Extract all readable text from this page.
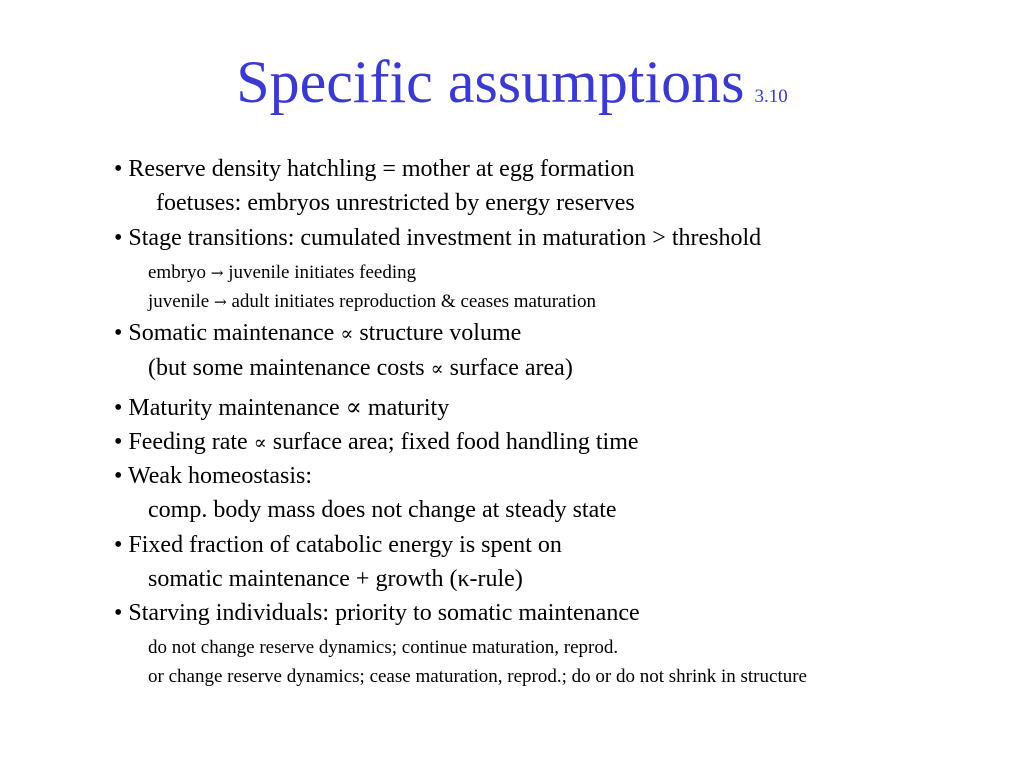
Specific assumptions 3.10
• Reserve density hatchling = mother at egg formation
foetuses: embryos unrestricted by energy reserves
• Stage transitions: cumulated investment in maturation > threshold
embryo → juvenile initiates feeding
juvenile → adult initiates reproduction & ceases maturation
• Somatic maintenance ∝ structure volume
(but some maintenance costs ∝ surface area)
• Maturity maintenance ∝ maturity
• Feeding rate ∝ surface area; fixed food handling time
• Weak homeostasis:
comp. body mass does not change at steady state
• Fixed fraction of catabolic energy is spent on
somatic maintenance + growth (κ-rule)
• Starving individuals: priority to somatic maintenance
do not change reserve dynamics; continue maturation, reprod.
or change reserve dynamics; cease maturation, reprod.; do or do not shrink in structure
